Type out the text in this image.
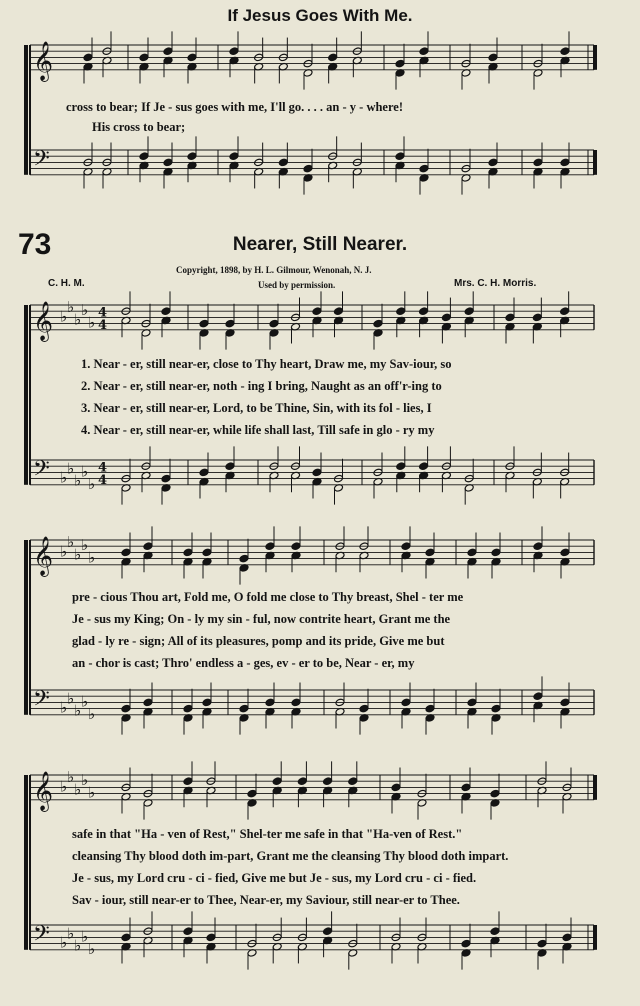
𝄞
𝄢
𝄞 ♭
♭
♭
♭
♭
4
4
𝄢 ♭
♭
♭
♭
♭
4
4
𝄞 ♭
♭
♭
♭
♭
𝄢 ♭
♭
♭
♭
♭
𝄞 ♭
♭
♭
♭
♭
𝄢 ♭
♭
♭
♭
♭
If Jesus Goes With Me.
cross to bear; If Je - sus goes with me, I'll go. . . . an - y - where!
His cross to bear;
73	Nearer, Still Nearer.
Copyright, 1898, by H. L. Gilmour, Wenonah, N. J.
C. H. M.	Used by permission.	Mrs. C. H. Morris.
1. Near - er, still near-er, close to Thy heart, Draw me, my Sav-iour, so
2. Near - er, still near-er, noth - ing I bring, Naught as an off'r-ing to
3. Near - er, still near-er, Lord, to be Thine, Sin, with its fol - lies, I
4. Near - er, still near-er, while life shall last, Till safe in glo - ry my
pre - cious Thou art, Fold me, O fold me close to Thy breast, Shel - ter me
Je - sus my King; On - ly my sin - ful, now contrite heart, Grant me the
glad - ly re - sign; All of its pleasures, pomp and its pride, Give me but
an - chor is cast; Thro' endless a - ges, ev - er to be, Near - er, my
safe in that "Ha - ven of Rest," Shel-ter me safe in that "Ha-ven of Rest."
cleansing Thy blood doth im-part, Grant me the cleansing Thy blood doth impart.
Je - sus, my Lord cru - ci - fied, Give me but Je - sus, my Lord cru - ci - fied.
Sav - iour, still near-er to Thee, Near-er, my Saviour, still near-er to Thee.
